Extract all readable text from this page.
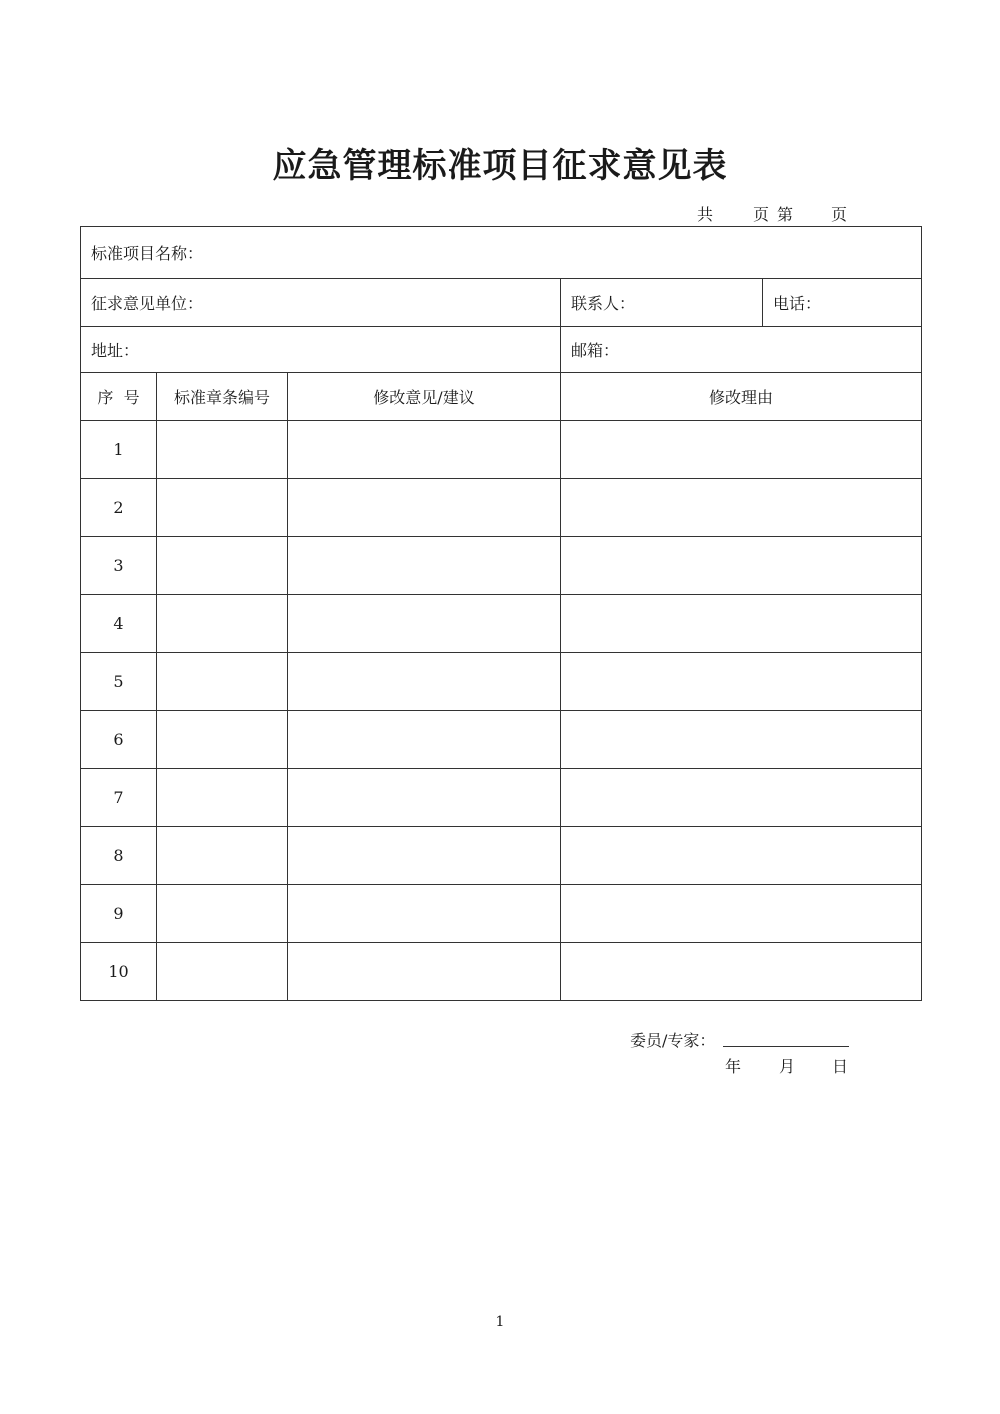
应急管理标准项目征求意见表
共 页 第 页
标准项目名称：				
征求意见单位：			联系人：	电话：
地址：			邮箱：	
序  号	标准章条编号	修改意见/建议	修改理由	
1				
2				
3				
4				
5				
6				
7				
8				
9				
10				
委员/专家：
年 月 日
1
